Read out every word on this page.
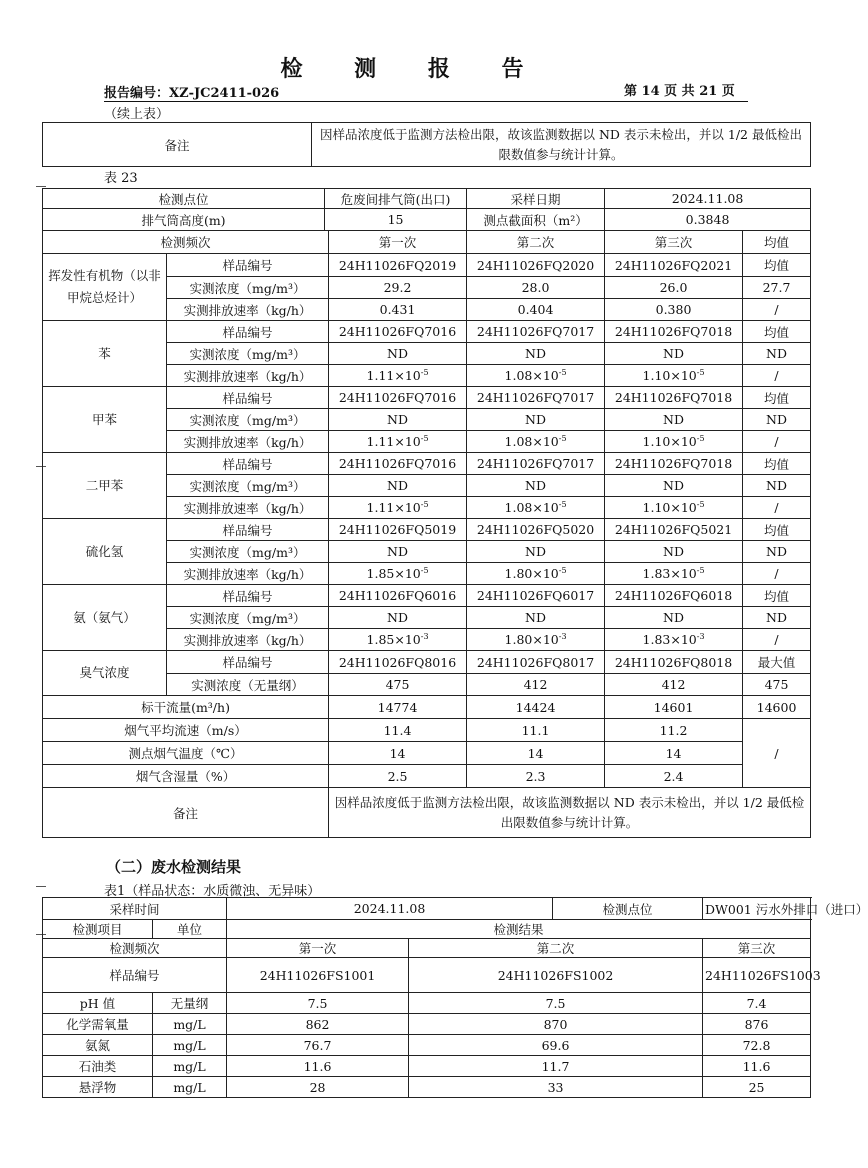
检 测 报 告
报告编号：XZ-JC2411-026	第 14 页 共 21 页
（续上表）
备注	因样品浓度低于监测方法检出限，故该监测数据以 ND 表示未检出，并以 1/2 最低检出限数值参与统计计算。
表 23
检测点位		危废间排气筒(出口)		采样日期	2024.11.08	
排气筒高度(m)		15		测点截面积（m²）	0.3848	
检测频次			第一次	第二次	第三次	均值
挥发性有机物（以非甲烷总烃计）	样品编号		24H11026FQ2019	24H11026FQ2020	24H11026FQ2021	均值
	实测浓度（mg/m³）		29.2	28.0	26.0	27.7
	实测排放速率（kg/h）		0.431	0.404	0.380	/
苯	样品编号		24H11026FQ7016	24H11026FQ7017	24H11026FQ7018	均值
	实测浓度（mg/m³）		ND	ND	ND	ND
	实测排放速率（kg/h）		$1.11\times 10^{-5}$	$1.08\times 10^{-5}$	$1.10\times 10^{-5}$	/
甲苯	样品编号		24H11026FQ7016	24H11026FQ7017	24H11026FQ7018	均值
	实测浓度（mg/m³）		ND	ND	ND	ND
	实测排放速率（kg/h）		$1.11\times 10^{-5}$	$1.08\times 10^{-5}$	$1.10\times 10^{-5}$	/
二甲苯	样品编号		24H11026FQ7016	24H11026FQ7017	24H11026FQ7018	均值
	实测浓度（mg/m³）		ND	ND	ND	ND
	实测排放速率（kg/h）		$1.11\times 10^{-5}$	$1.08\times 10^{-5}$	$1.10\times 10^{-5}$	/
硫化氢	样品编号		24H11026FQ5019	24H11026FQ5020	24H11026FQ5021	均值
	实测浓度（mg/m³）		ND	ND	ND	ND
	实测排放速率（kg/h）		$1.85\times 10^{-5}$	$1.80\times 10^{-5}$	$1.83\times 10^{-5}$	/
氨（氨气）	样品编号		24H11026FQ6016	24H11026FQ6017	24H11026FQ6018	均值
	实测浓度（mg/m³）		ND	ND	ND	ND
	实测排放速率（kg/h）		$1.85\times 10^{-3}$	$1.80\times 10^{-3}$	$1.83\times 10^{-3}$	/
臭气浓度	样品编号		24H11026FQ8016	24H11026FQ8017	24H11026FQ8018	最大值
	实测浓度（无量纲）		475	412	412	475
标干流量(m³/h)			14774	14424	14601	14600
烟气平均流速（m/s）			11.4	11.1	11.2	/
测点烟气温度（℃）			14	14	14	
烟气含湿量（%）			2.5	2.3	2.4	
备注			因样品浓度低于监测方法检出限，故该监测数据以 ND 表示未检出，并以 1/2 最低检出限数值参与统计计算。			
（二）废水检测结果
表1（样品状态：水质微浊、无异味）
采样时间		2024.11.08		检测点位	DW001 污水外排口（进口）	
检测项目	单位	检测结果				
检测频次		第一次	第二次		第三次	
样品编号		24H11026FS1001	24H11026FS1002		24H11026FS1003	
pH 值	无量纲	7.5	7.5		7.4	
化学需氧量	mg/L	862	870		876	
氨氮	mg/L	76.7	69.6		72.8	
石油类	mg/L	11.6	11.7		11.6	
悬浮物	mg/L	28	33		25	
